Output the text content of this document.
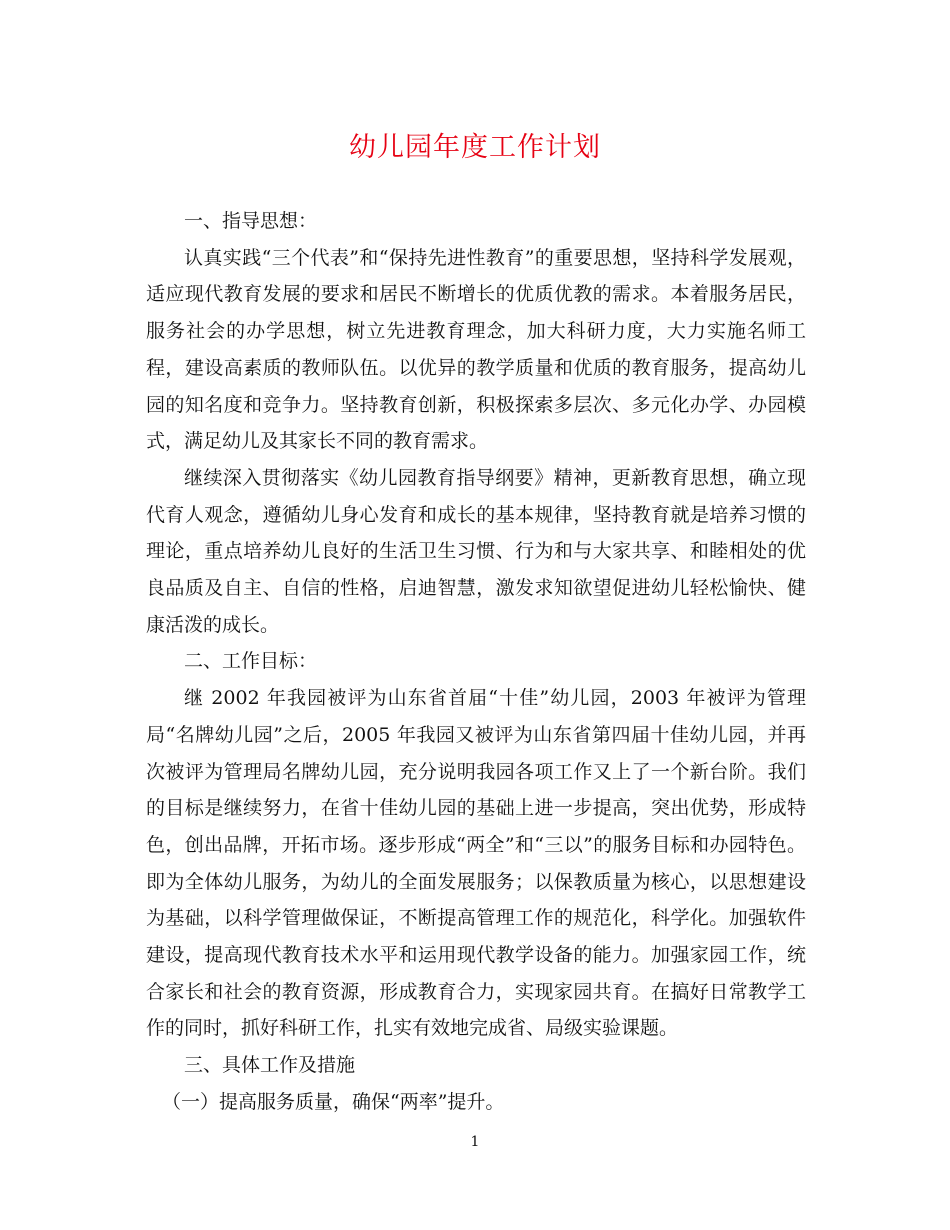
幼儿园年度工作计划

一、指导思想：

认真实践“三个代表”和“保持先进性教育”的重要思想，坚持科学发展观，适应现代教育发展的要求和居民不断增长的优质优教的需求。本着服务居民，服务社会的办学思想，树立先进教育理念，加大科研力度，大力实施名师工程，建设高素质的教师队伍。以优异的教学质量和优质的教育服务，提高幼儿园的知名度和竞争力。坚持教育创新，积极探索多层次、多元化办学、办园模式，满足幼儿及其家长不同的教育需求。

继续深入贯彻落实《幼儿园教育指导纲要》精神，更新教育思想，确立现代育人观念，遵循幼儿身心发育和成长的基本规律，坚持教育就是培养习惯的理论，重点培养幼儿良好的生活卫生习惯、行为和与大家共享、和睦相处的优良品质及自主、自信的性格，启迪智慧，激发求知欲望促进幼儿轻松愉快、健康活泼的成长。

二、工作目标：

继 2002 年我园被评为山东省首届“十佳”幼儿园，2003 年被评为管理局“名牌幼儿园”之后，2005 年我园又被评为山东省第四届十佳幼儿园，并再次被评为管理局名牌幼儿园，充分说明我园各项工作又上了一个新台阶。我们的目标是继续努力，在省十佳幼儿园的基础上进一步提高，突出优势，形成特色，创出品牌，开拓市场。逐步形成“两全”和“三以”的服务目标和办园特色。即为全体幼儿服务，为幼儿的全面发展服务；以保教质量为核心，以思想建设为基础，以科学管理做保证，不断提高管理工作的规范化，科学化。加强软件建设，提高现代教育技术水平和运用现代教学设备的能力。加强家园工作，统合家长和社会的教育资源，形成教育合力，实现家园共育。在搞好日常教学工作的同时，抓好科研工作，扎实有效地完成省、局级实验课题。

三、具体工作及措施

（一）提高服务质量，确保“两率”提升。

1
